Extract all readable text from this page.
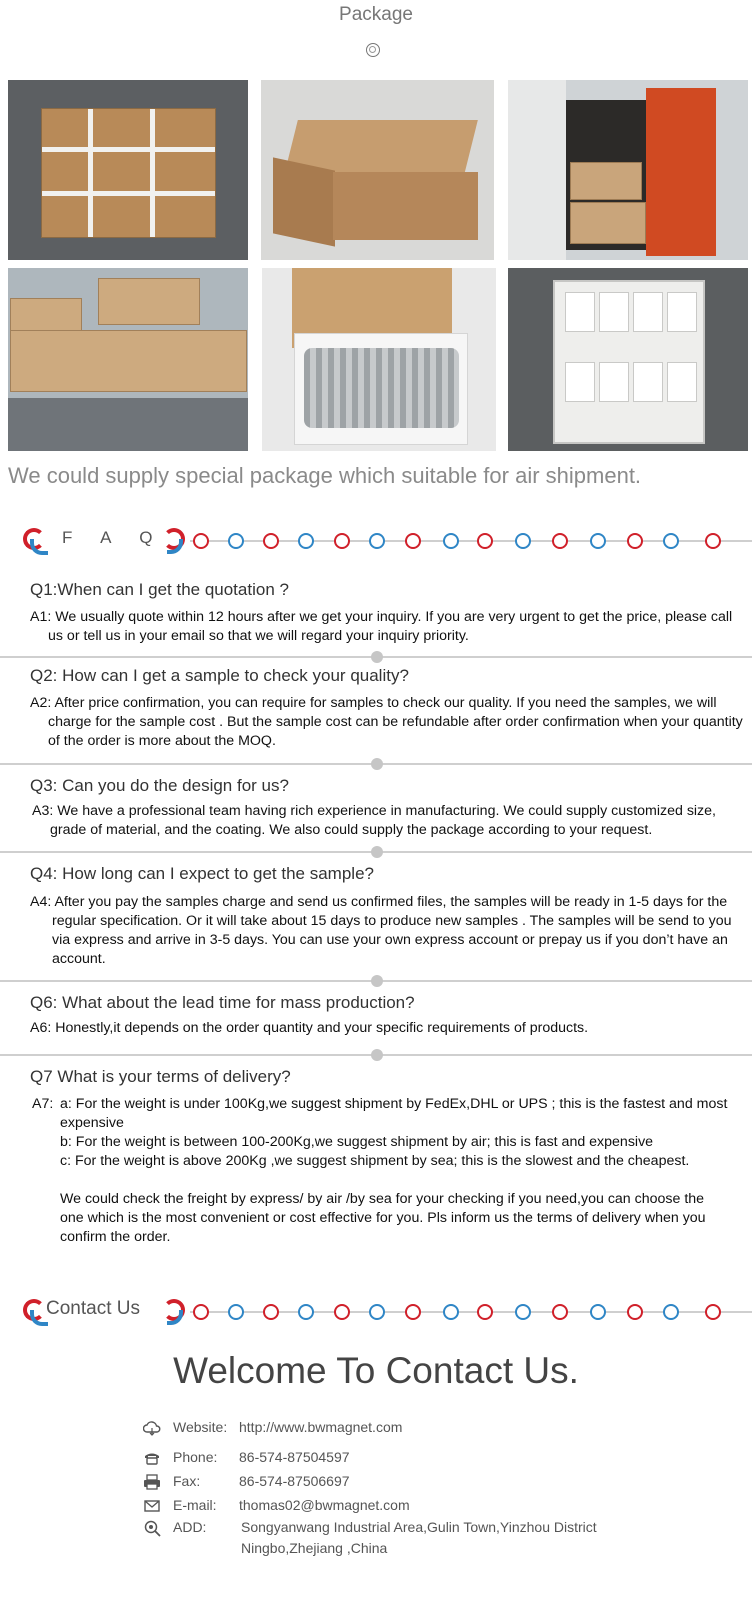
Package
We could supply special package which suitable for air shipment.
F A Q
Q1:When can I get the quotation ?
A1: We usually quote within 12 hours after we get your inquiry. If you are very urgent to get the price, please call us or tell us in your email so that we will regard your inquiry priority.
Q2: How can I get a sample to check your quality?
A2: After price confirmation, you can require for samples to check our quality. If you need the samples, we will charge for the sample cost . But the sample cost can be refundable after order confirmation when your quantity of the order is more about the MOQ.
Q3: Can you do the design for us?
A3: We have a professional team having rich experience in manufacturing. We could supply customized size, grade of material, and the coating. We also could supply the package according to your request.
Q4: How long can I expect to get the sample?
A4: After you pay the samples charge and send us confirmed files, the samples will be ready in 1-5 days for the regular specification. Or it will take about 15 days to produce new samples . The samples will be send to you via express and arrive in 3-5 days. You can use your own express account or prepay us if you don’t have an account.
Q6: What about the lead time for mass production?
A6: Honestly,it depends on the order quantity and your specific requirements of products.
Q7 What is your terms of delivery?
A7: a: For the weight is under 100Kg,we suggest shipment by FedEx,DHL or UPS ; this is the fastest and most expensive
b: For the weight is between 100-200Kg,we suggest shipment by air; this is fast and expensive
c: For the weight is above 200Kg ,we suggest shipment by sea; this is the slowest and the cheapest.
We could check the freight by express/ by air /by sea for your checking if you need,you can choose the one which is the most convenient or cost effective for you. Pls inform us the terms of delivery when you confirm the order.
Contact Us
Welcome To Contact Us.
Website: http://www.bwmagnet.com
Phone: 86-574-87504597
Fax:	86-574-87506697
E-mail: thomas02@bwmagnet.com
ADD: Songyanwang Industrial Area,Gulin Town,Yinzhou District
Ningbo,Zhejiang ,China
